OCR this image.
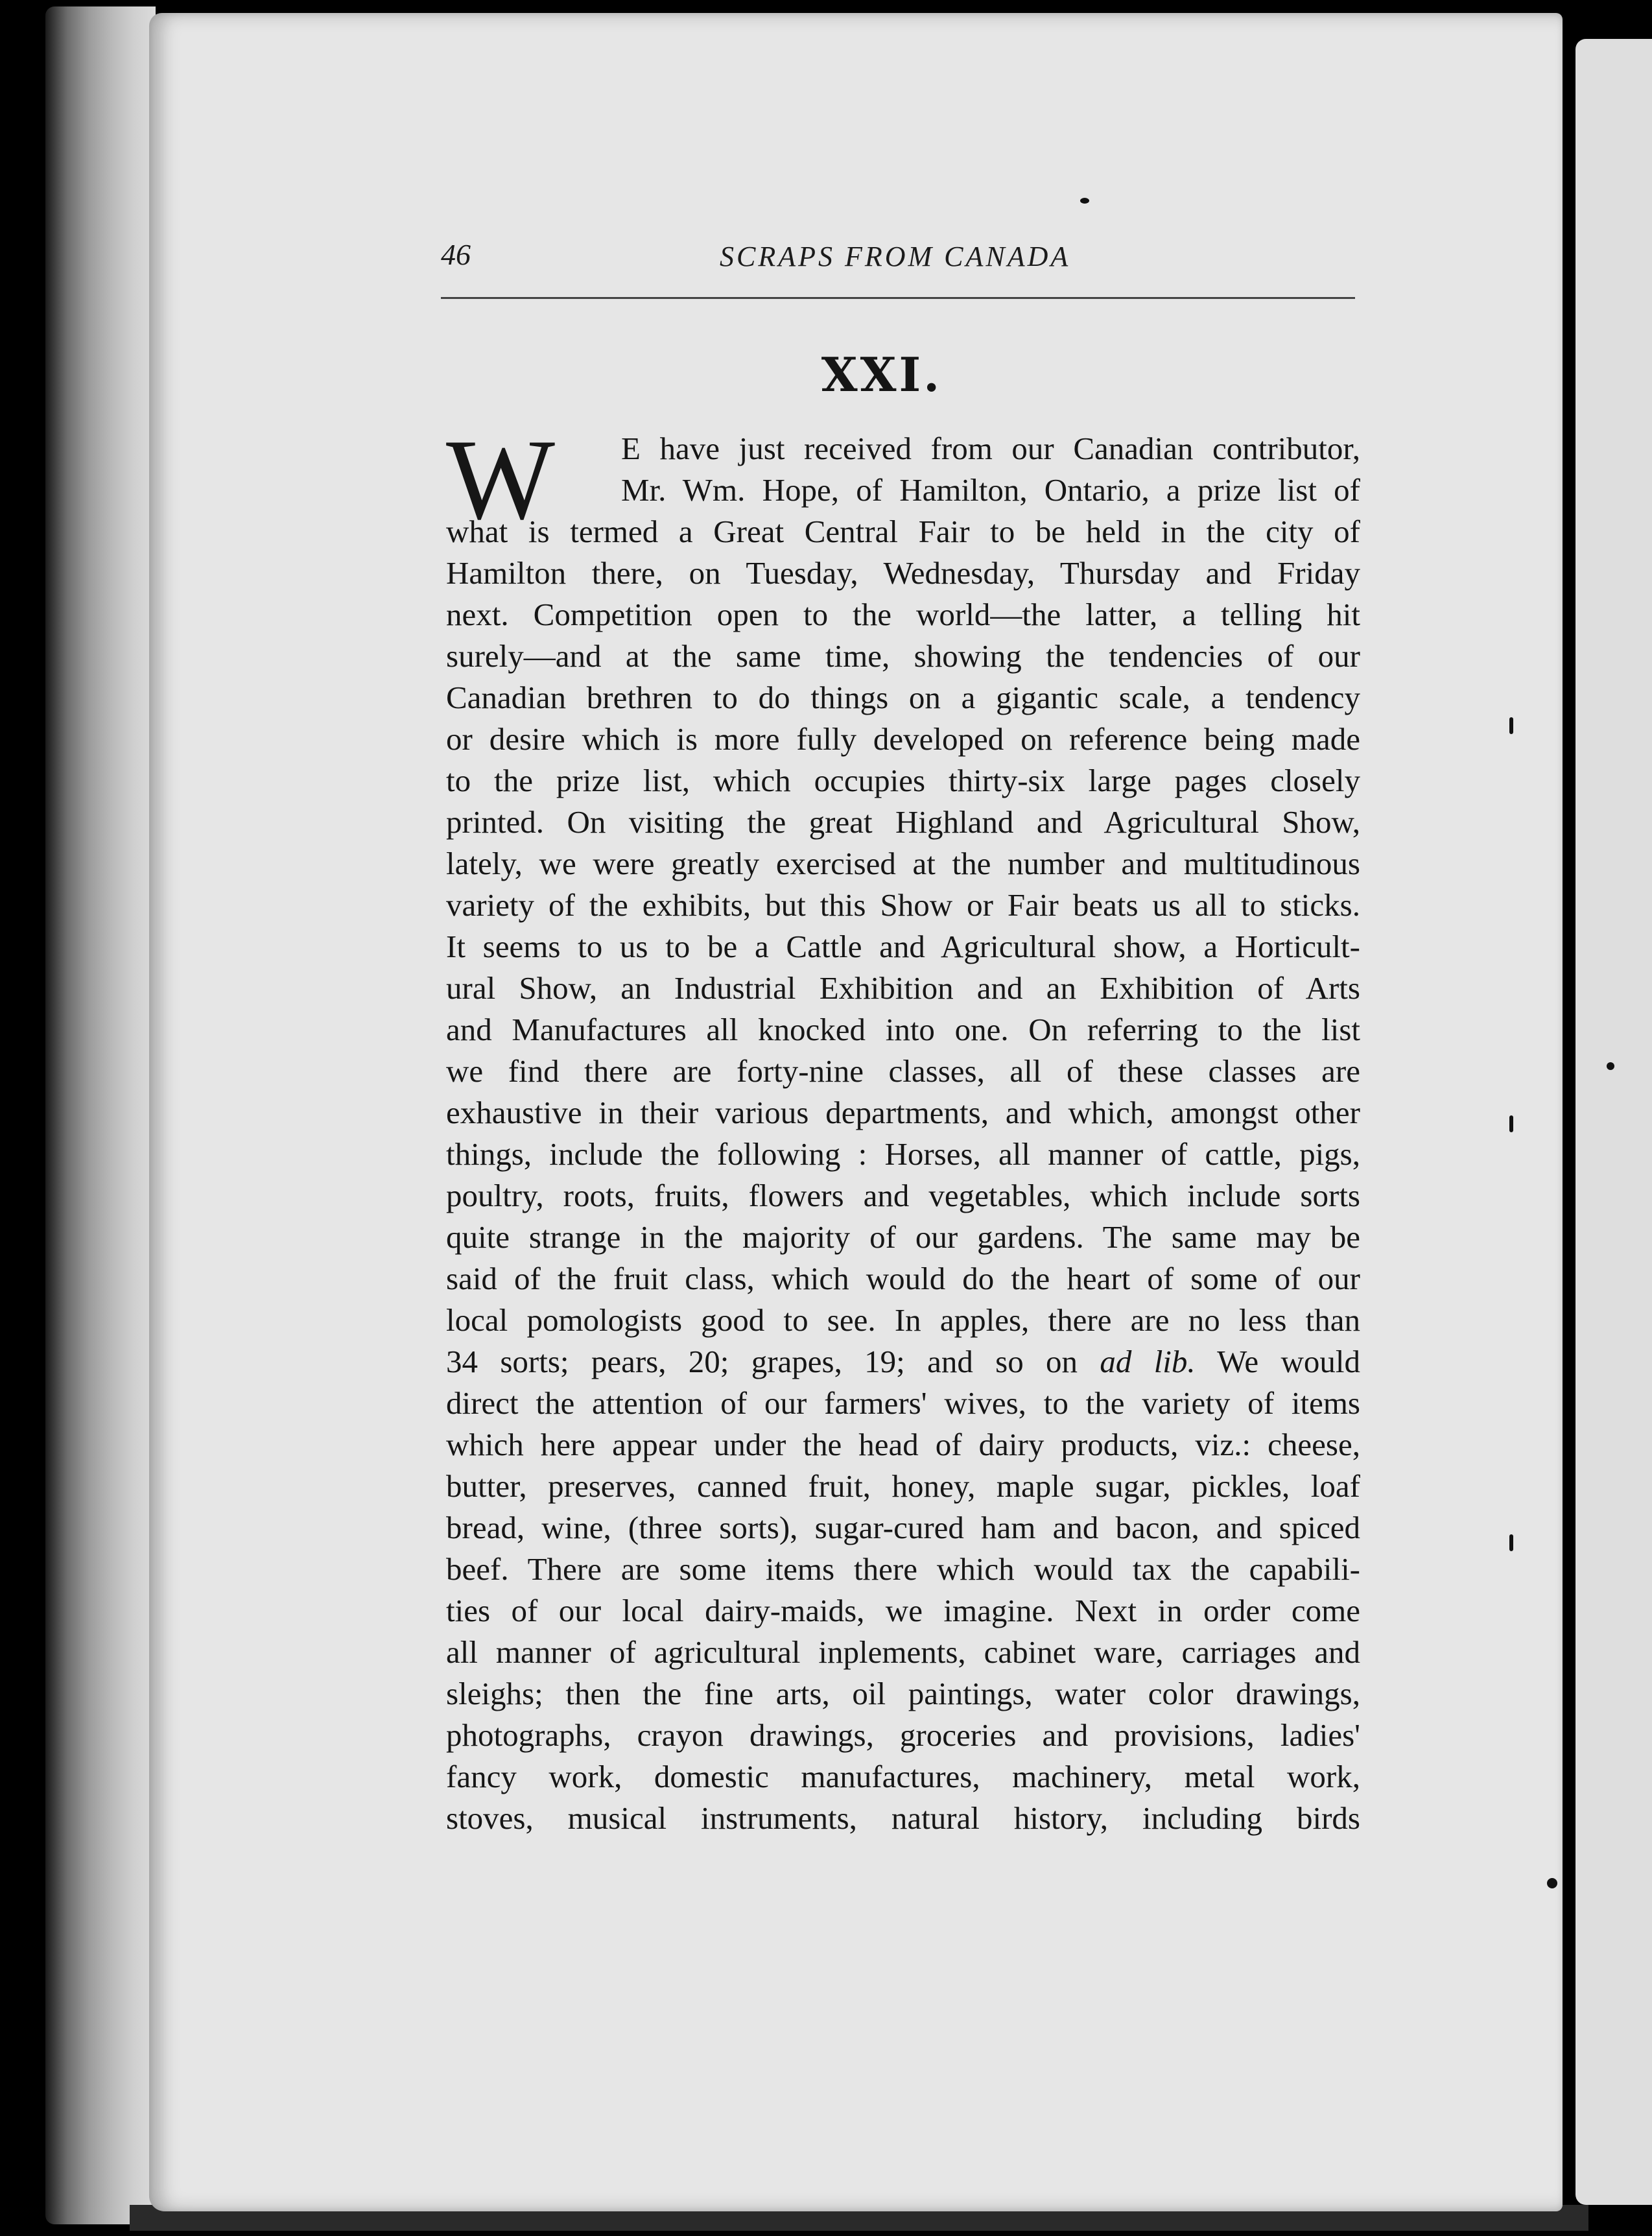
46	SCRAPS FROM CANADA
XXI.
W	E have just received from our Canadian contributor,
Mr. Wm. Hope, of Hamilton, Ontario, a prize list of
what is termed a Great Central Fair to be held in the city of
Hamilton there, on Tuesday, Wednesday, Thursday and Friday
next. Competition open to the world—the latter, a telling hit
surely—and at the same time, showing the tendencies of our
Canadian brethren to do things on a gigantic scale, a tendency
or desire which is more fully developed on reference being made
to the prize list, which occupies thirty-six large pages closely
printed. On visiting the great Highland and Agricultural Show,
lately, we were greatly exercised at the number and multitudinous
variety of the exhibits, but this Show or Fair beats us all to sticks.
It seems to us to be a Cattle and Agricultural show, a Horticult-
ural Show, an Industrial Exhibition and an Exhibition of Arts
and Manufactures all knocked into one. On referring to the list
we find there are forty-nine classes, all of these classes are
exhaustive in their various departments, and which, amongst other
things, include the following : Horses, all manner of cattle, pigs,
poultry, roots, fruits, flowers and vegetables, which include sorts
quite strange in the majority of our gardens. The same may be
said of the fruit class, which would do the heart of some of our
local pomologists good to see. In apples, there are no less than
34 sorts; pears, 20; grapes, 19; and so on ad lib. We would
direct the attention of our farmers' wives, to the variety of items
which here appear under the head of dairy products, viz.: cheese,
butter, preserves, canned fruit, honey, maple sugar, pickles, loaf
bread, wine, (three sorts), sugar-cured ham and bacon, and spiced
beef. There are some items there which would tax the capabili-
ties of our local dairy-maids, we imagine. Next in order come
all manner of agricultural inplements, cabinet ware, carriages and
sleighs; then the fine arts, oil paintings, water color drawings,
photographs, crayon drawings, groceries and provisions, ladies'
fancy work, domestic manufactures, machinery, metal work,
stoves, musical instruments, natural history, including birds
